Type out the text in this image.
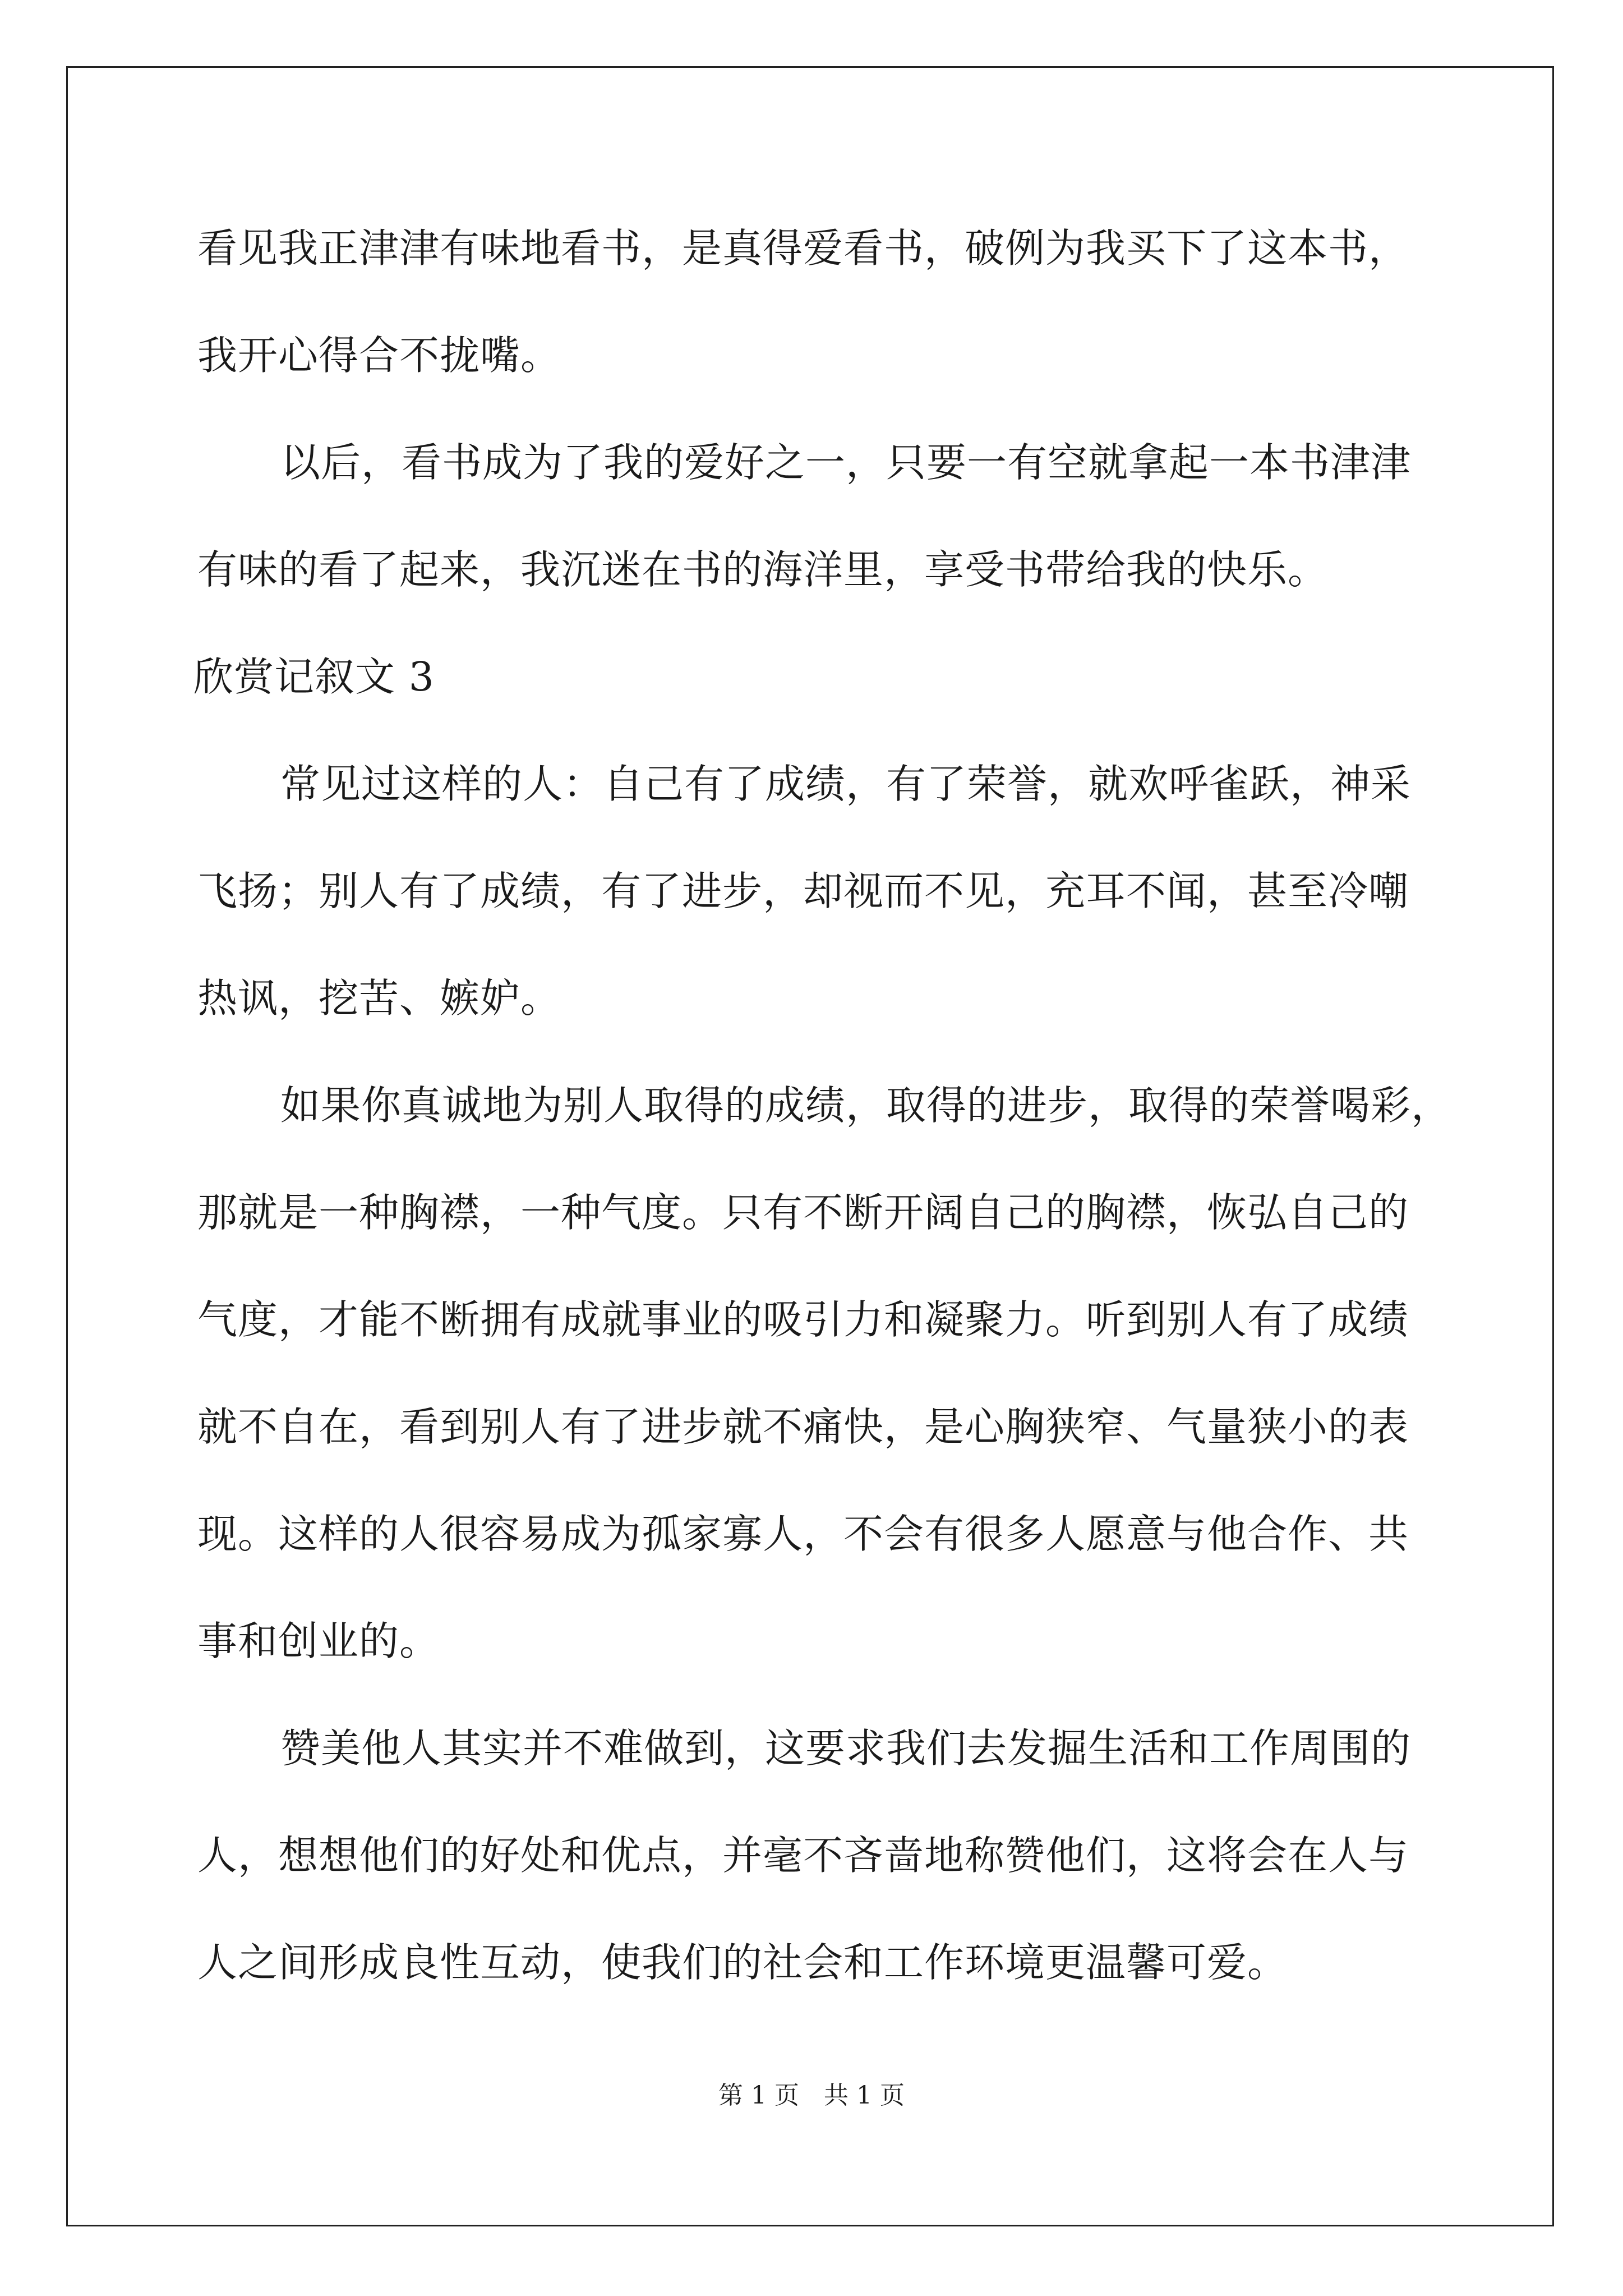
看见我正津津有味地看书，是真得爱看书，破例为我买下了这本书，

我开心得合不拢嘴。

以后，看书成为了我的爱好之一，只要一有空就拿起一本书津津

有味的看了起来，我沉迷在书的海洋里，享受书带给我的快乐。

欣赏记叙文 3

常见过这样的人：自己有了成绩，有了荣誉，就欢呼雀跃，神采

飞扬；别人有了成绩，有了进步，却视而不见，充耳不闻，甚至冷嘲

热讽，挖苦、嫉妒。

如果你真诚地为别人取得的成绩，取得的进步，取得的荣誉喝彩，

那就是一种胸襟，一种气度。只有不断开阔自己的胸襟，恢弘自己的

气度，才能不断拥有成就事业的吸引力和凝聚力。听到别人有了成绩

就不自在，看到别人有了进步就不痛快，是心胸狭窄、气量狭小的表

现。这样的人很容易成为孤家寡人，不会有很多人愿意与他合作、共

事和创业的。

赞美他人其实并不难做到，这要求我们去发掘生活和工作周围的

人，想想他们的好处和优点，并毫不吝啬地称赞他们，这将会在人与

人之间形成良性互动，使我们的社会和工作环境更温馨可爱。

第 1 页　共 1 页
